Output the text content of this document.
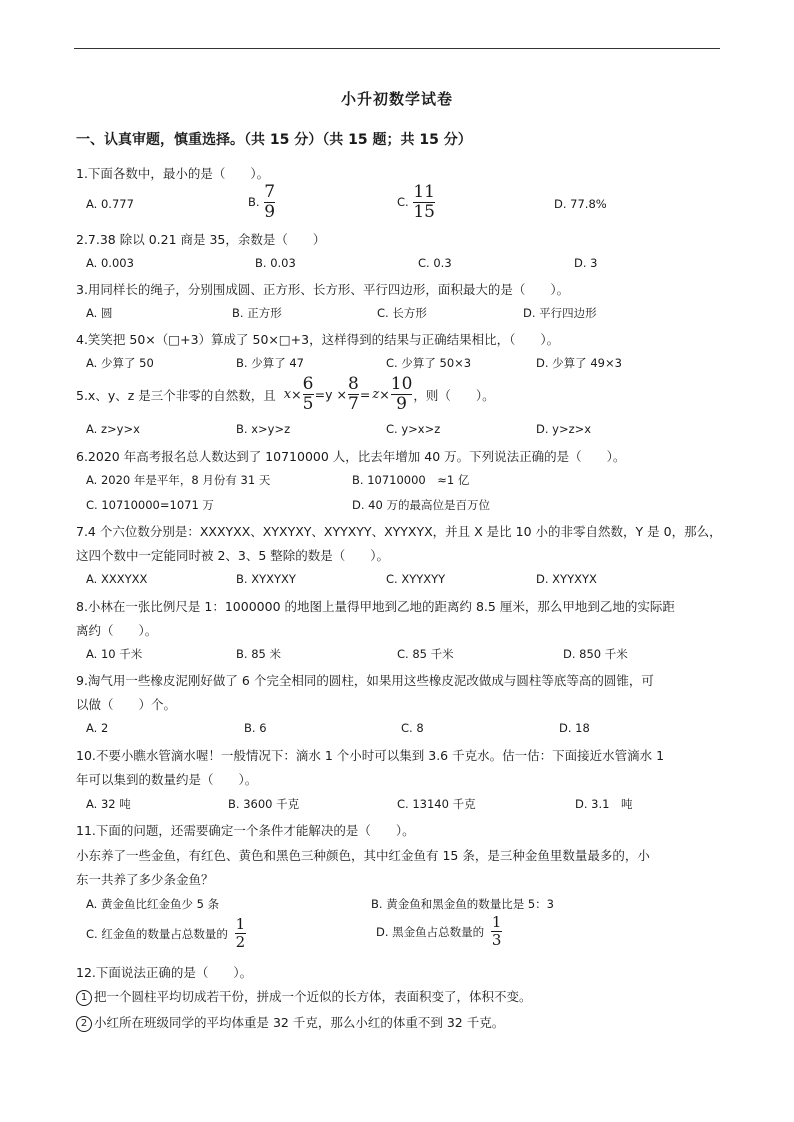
小升初数学试卷
一、认真审题，慎重选择。（共 15 分）（共 15 题；共 15 分）
1.下面各数中，最小的是（　　）。
A. 0.777	B. $\frac{7}{9}$	C. $\frac{11}{15}$	D. 77.8%
2.7.38 除以 0.21 商是 35，余数是（　　）
A. 0.003	B. 0.03	C. 0.3	D. 3
3.用同样长的绳子，分别围成圆、正方形、长方形、平行四边形，面积最大的是（　　）。
A. 圆	B. 正方形	C. 长方形	D. 平行四边形
4.笑笑把 50×（□+3）算成了 50×□+3，这样得到的结果与正确结果相比，（　　）。
A. 少算了 50	B. 少算了 47	C. 少算了 50×3	D. 少算了 49×3
5.x、y、z 是三个非零的自然数，且 $x \times \frac{6}{5} =y \times \frac{8}{7} = z \times \frac{10}{9}$ ，则（　　）。
A. z>y>x	B. x>y>z	C. y>x>z	D. y>z>x
6.2020 年高考报名总人数达到了 10710000 人，比去年增加 40 万。下列说法正确的是（　　）。
A. 2020 年是平年，8 月份有 31 天	B. 10710000　≈1 亿
C. 10710000=1071 万	D. 40 万的最高位是百万位
7.4 个六位数分别是：XXXYXX、XYXYXY、XYYXYY、XYYXYX，并且 X 是比 10 小的非零自然数，Y 是 0，那么，
这四个数中一定能同时被 2、3、5 整除的数是（　　）。
A. XXXYXX	B. XYXYXY	C. XYYXYY	D. XYYXYX
8.小林在一张比例尺是 1：1000000 的地图上量得甲地到乙地的距离约 8.5 厘米，那么甲地到乙地的实际距
离约（　　）。
A. 10 千米	B. 85 米	C. 85 千米	D. 850 千米
9.淘气用一些橡皮泥刚好做了 6 个完全相同的圆柱，如果用这些橡皮泥改做成与圆柱等底等高的圆锥，可
以做（　　）个。
A. 2	B. 6	C. 8	D. 18
10.不要小瞧水管滴水喔！一般情况下：滴水 1 个小时可以集到 3.6 千克水。估一估：下面接近水管滴水 1
年可以集到的数量约是（　　）。
A. 32 吨	B. 3600 千克	C. 13140 千克	D. 3.1　吨
11.下面的问题，还需要确定一个条件才能解决的是（　　）。
小东养了一些金鱼，有红色、黄色和黑色三种颜色，其中红金鱼有 15 条，是三种金鱼里数量最多的，小
东一共养了多少条金鱼？
A. 黄金鱼比红金鱼少 5 条	B. 黄金鱼和黑金鱼的数量比是 5：3
C. 红金鱼的数量占总数量的 $\frac{1}{2}$	D. 黑金鱼占总数量的 $\frac{1}{3}$
12.下面说法正确的是（　　）。
1 把一个圆柱平均切成若干份，拼成一个近似的长方体，表面积变了，体积不变。
2 小红所在班级同学的平均体重是 32 千克，那么小红的体重不到 32 千克。
